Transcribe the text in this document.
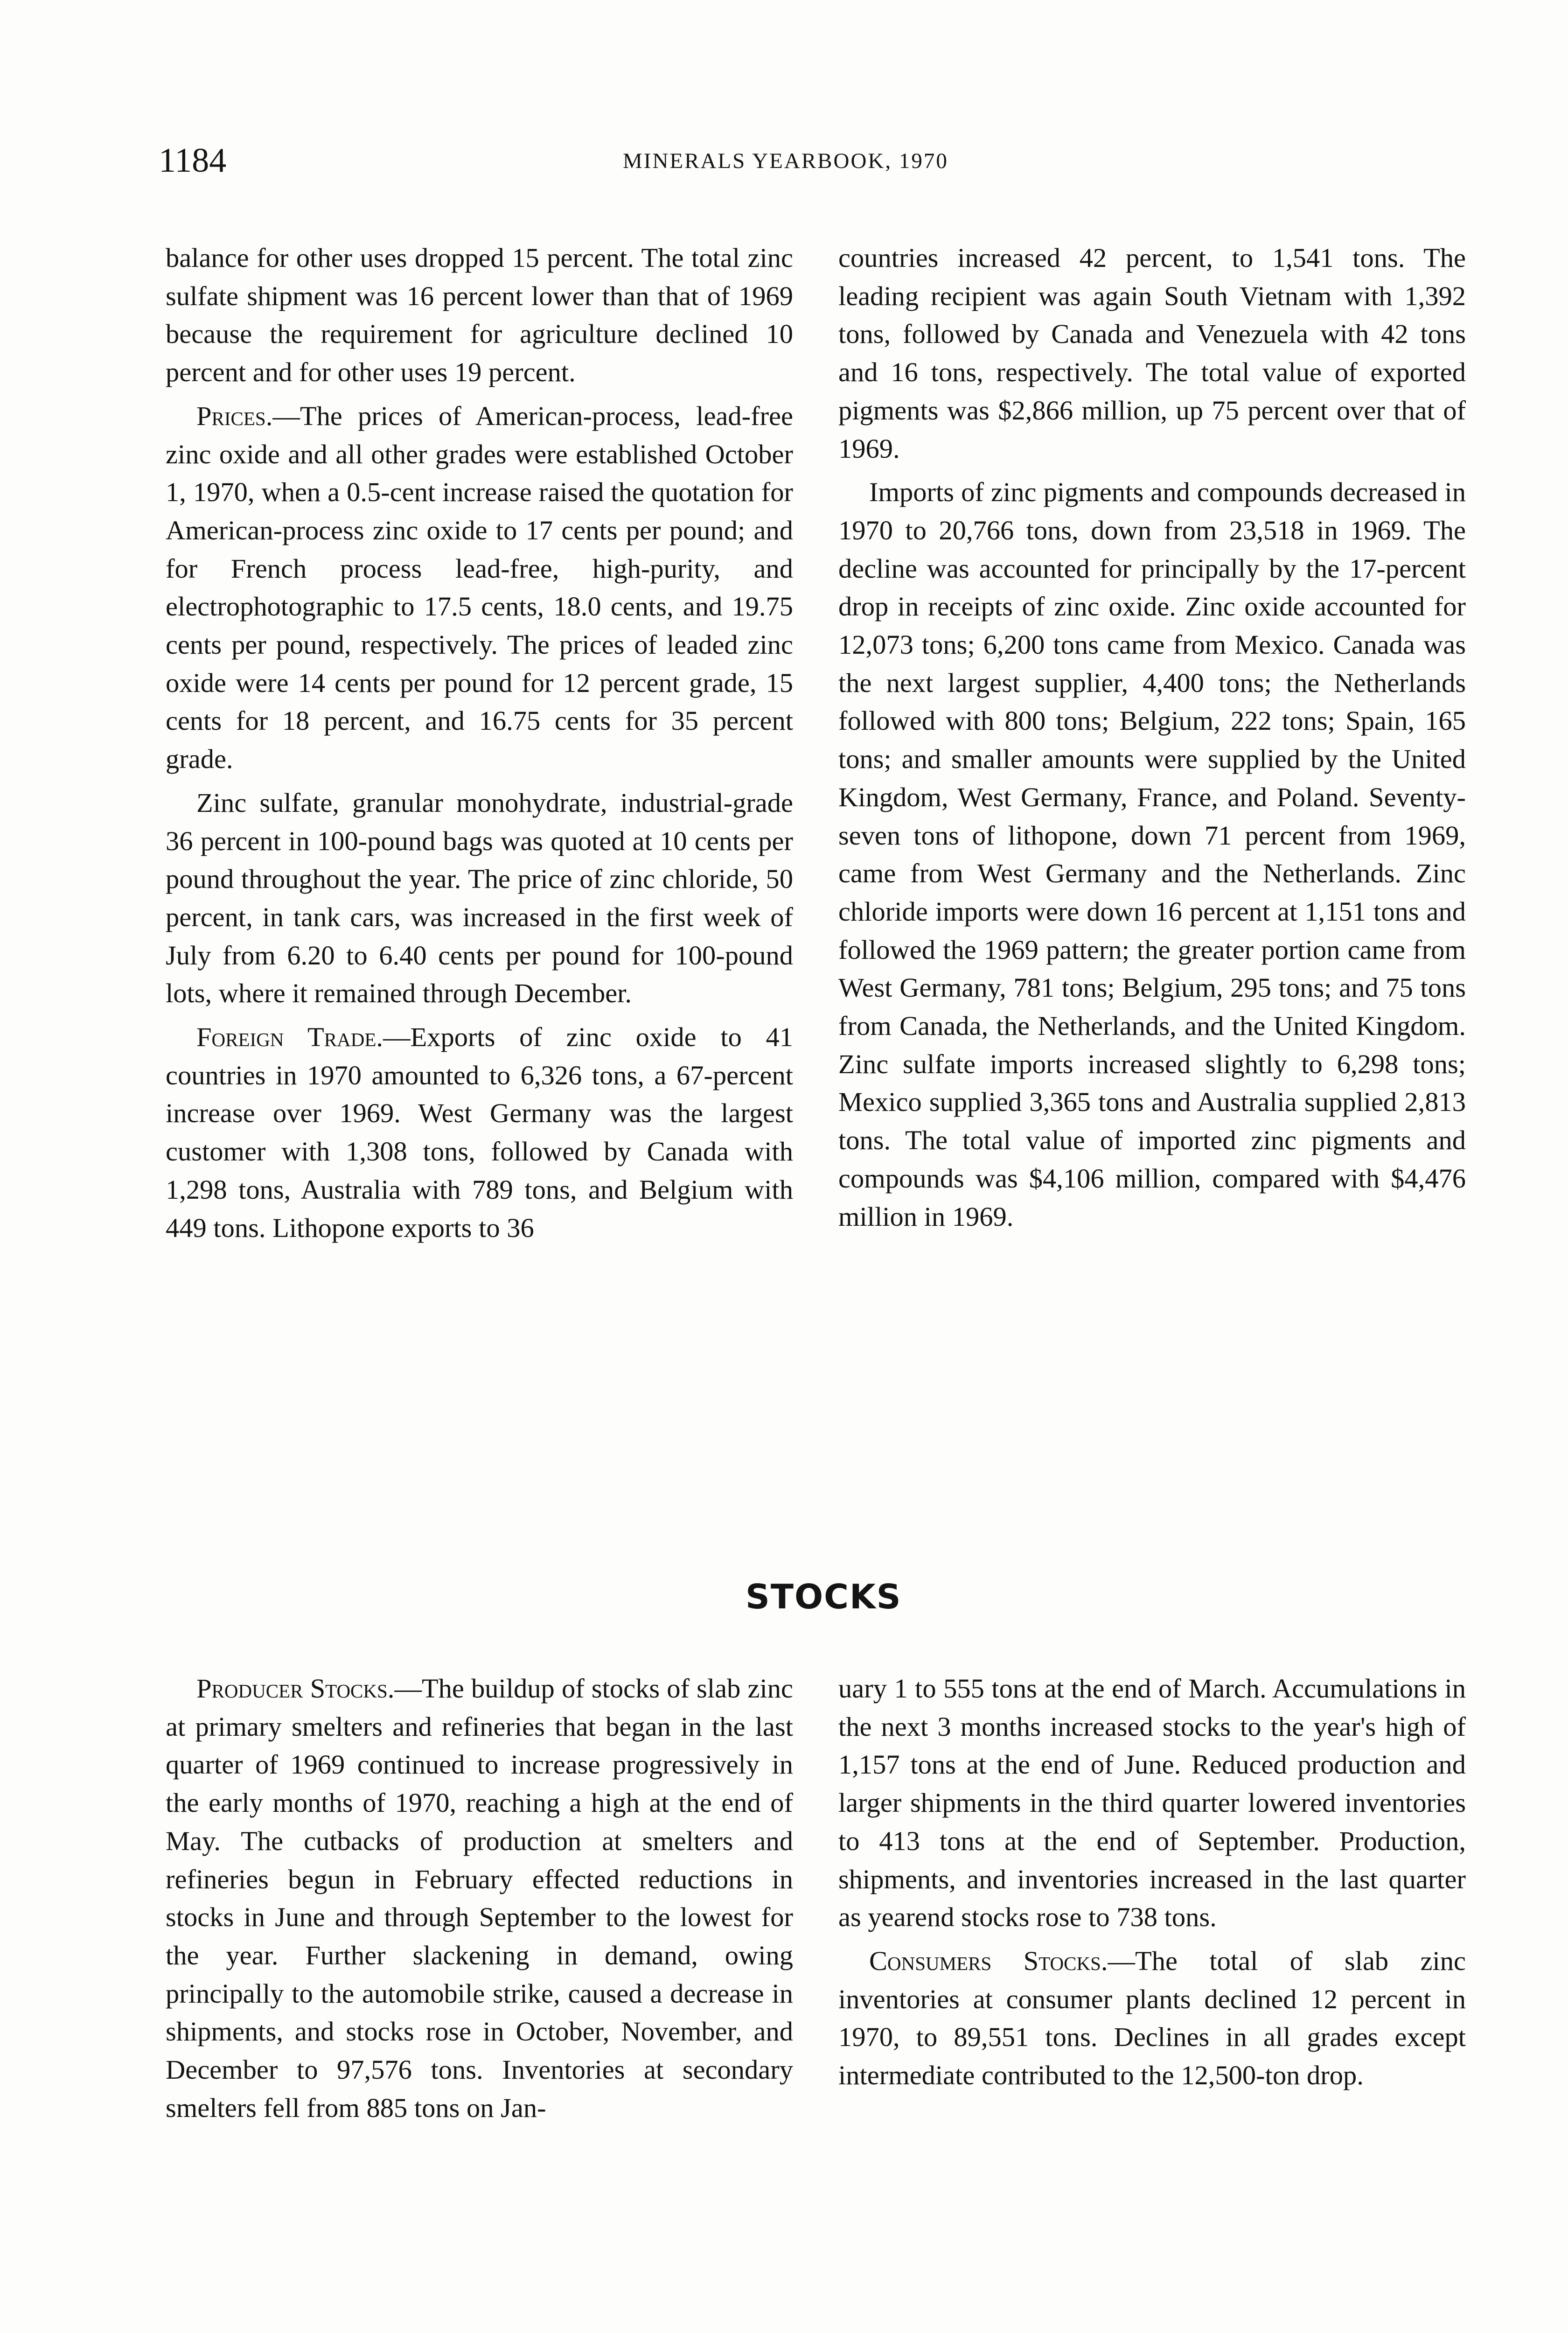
1184	MINERALS YEARBOOK, 1970

balance for other uses dropped 15 percent. The total zinc sulfate shipment was 16 percent lower than that of 1969 because the requirement for agriculture declined 10 percent and for other uses 19 percent.

Prices.—The prices of American-process, lead-free zinc oxide and all other grades were established October 1, 1970, when a 0.5-cent increase raised the quotation for American-process zinc oxide to 17 cents per pound; and for French process lead-free, high-purity, and electrophotographic to 17.5 cents, 18.0 cents, and 19.75 cents per pound, respectively. The prices of leaded zinc oxide were 14 cents per pound for 12 percent grade, 15 cents for 18 percent, and 16.75 cents for 35 percent grade.

Zinc sulfate, granular monohydrate, industrial-grade 36 percent in 100-pound bags was quoted at 10 cents per pound throughout the year. The price of zinc chloride, 50 percent, in tank cars, was increased in the first week of July from 6.20 to 6.40 cents per pound for 100-pound lots, where it remained through December.

Foreign Trade.—Exports of zinc oxide to 41 countries in 1970 amounted to 6,326 tons, a 67-percent increase over 1969. West Germany was the largest customer with 1,308 tons, followed by Canada with 1,298 tons, Australia with 789 tons, and Belgium with 449 tons. Lithopone exports to 36

countries increased 42 percent, to 1,541 tons. The leading recipient was again South Vietnam with 1,392 tons, followed by Canada and Venezuela with 42 tons and 16 tons, respectively. The total value of exported pigments was $2,866 million, up 75 percent over that of 1969.

Imports of zinc pigments and compounds decreased in 1970 to 20,766 tons, down from 23,518 in 1969. The decline was accounted for principally by the 17-percent drop in receipts of zinc oxide. Zinc oxide accounted for 12,073 tons; 6,200 tons came from Mexico. Canada was the next largest supplier, 4,400 tons; the Netherlands followed with 800 tons; Belgium, 222 tons; Spain, 165 tons; and smaller amounts were supplied by the United Kingdom, West Germany, France, and Poland. Seventy-seven tons of lithopone, down 71 percent from 1969, came from West Germany and the Netherlands. Zinc chloride imports were down 16 percent at 1,151 tons and followed the 1969 pattern; the greater portion came from West Germany, 781 tons; Belgium, 295 tons; and 75 tons from Canada, the Netherlands, and the United Kingdom. Zinc sulfate imports increased slightly to 6,298 tons; Mexico supplied 3,365 tons and Australia supplied 2,813 tons. The total value of imported zinc pigments and compounds was $4,106 million, compared with $4,476 million in 1969.

STOCKS

Producer Stocks.—The buildup of stocks of slab zinc at primary smelters and refineries that began in the last quarter of 1969 continued to increase progressively in the early months of 1970, reaching a high at the end of May. The cutbacks of production at smelters and refineries begun in February effected reductions in stocks in June and through September to the lowest for the year. Further slackening in demand, owing principally to the automobile strike, caused a decrease in shipments, and stocks rose in October, November, and December to 97,576 tons. Inventories at secondary smelters fell from 885 tons on Jan-

uary 1 to 555 tons at the end of March. Accumulations in the next 3 months increased stocks to the year's high of 1,157 tons at the end of June. Reduced production and larger shipments in the third quarter lowered inventories to 413 tons at the end of September. Production, shipments, and inventories increased in the last quarter as yearend stocks rose to 738 tons.

Consumers Stocks.—The total of slab zinc inventories at consumer plants declined 12 percent in 1970, to 89,551 tons. Declines in all grades except intermediate contributed to the 12,500-ton drop.
